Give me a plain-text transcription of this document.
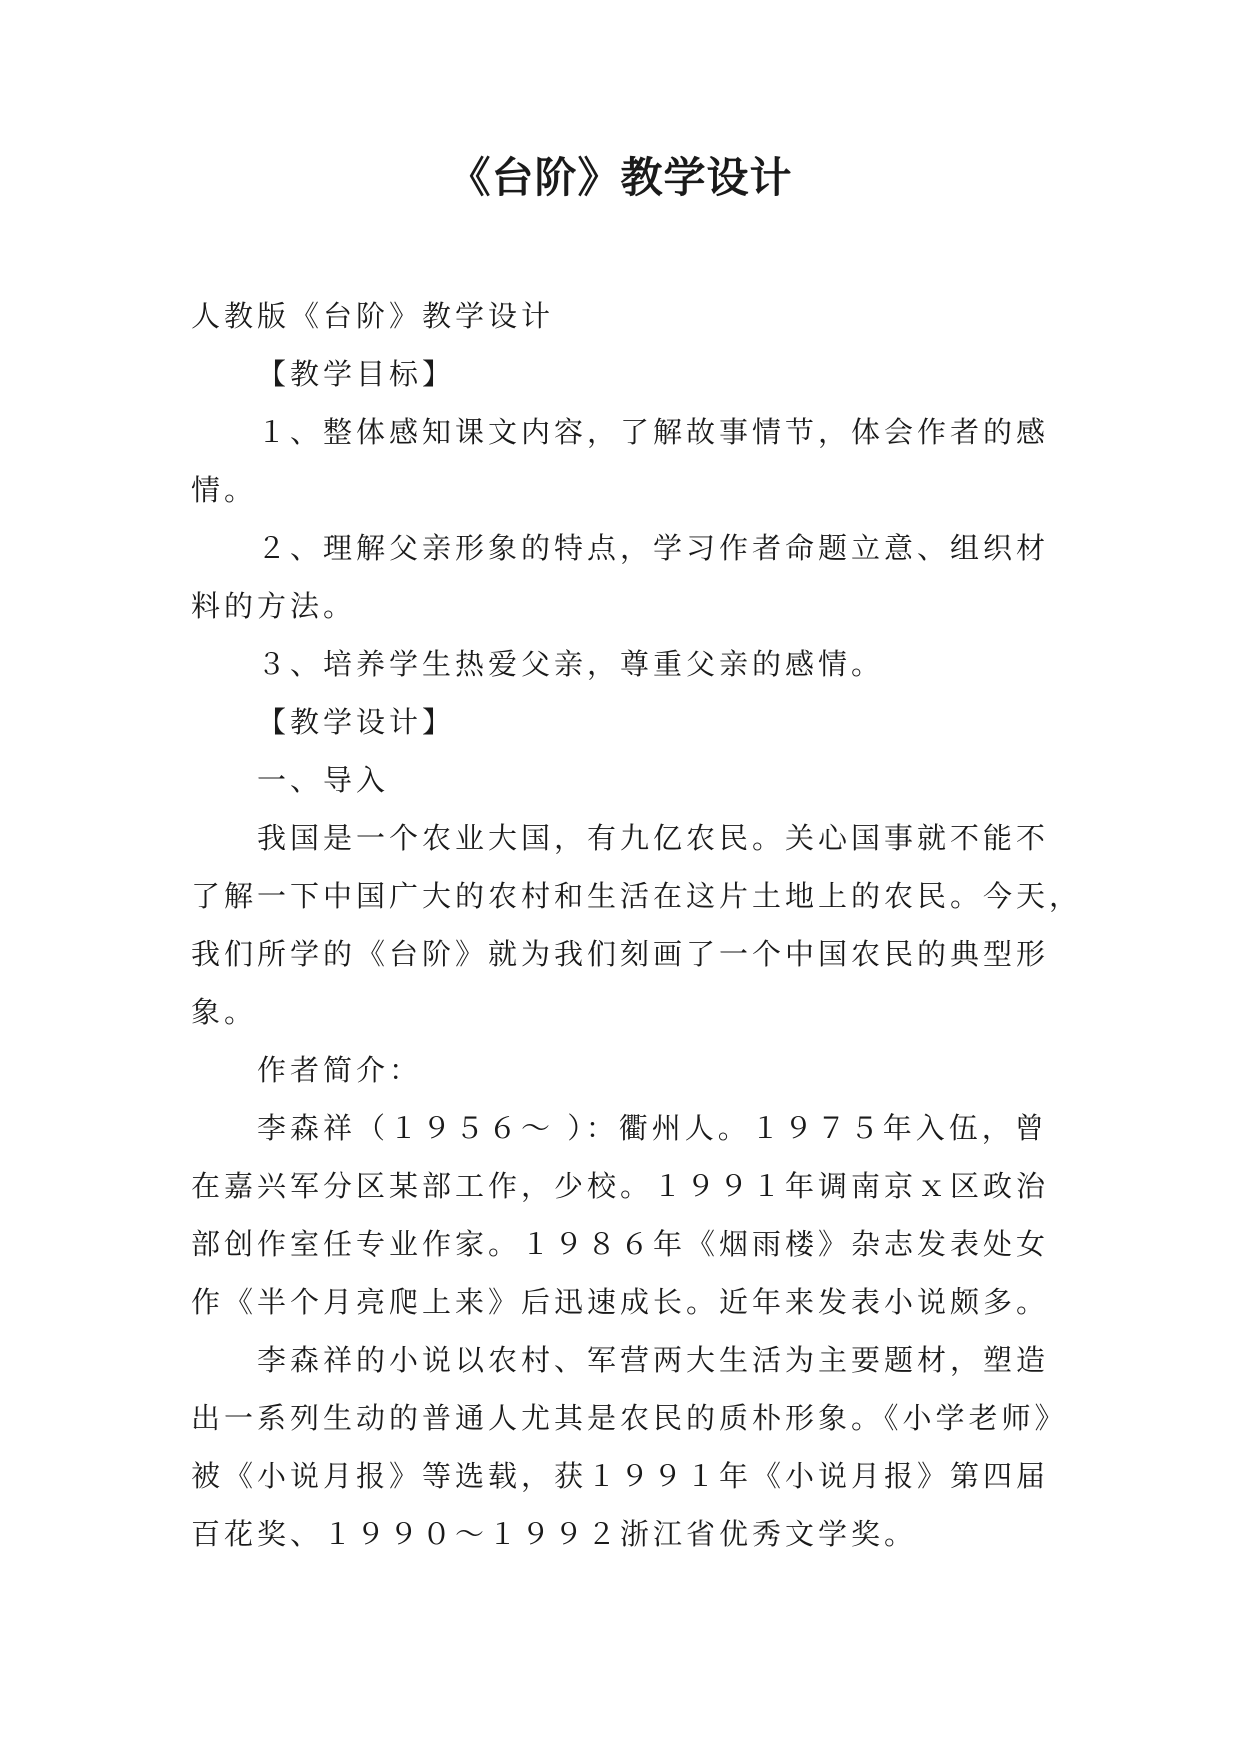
《台阶》教学设计

人教版《台阶》教学设计

【教学目标】

１、整体感知课文内容，了解故事情节，体会作者的感

情。

２、理解父亲形象的特点，学习作者命题立意、组织材

料的方法。

３、培养学生热爱父亲，尊重父亲的感情。

【教学设计】

一、导入

我国是一个农业大国，有九亿农民。关心国事就不能不

了解一下中国广大的农村和生活在这片土地上的农民。今天，

我们所学的《台阶》就为我们刻画了一个中国农民的典型形

象。

作者简介：

李森祥（１９５６～ ）：衢州人。１９７５年入伍，曾

在嘉兴军分区某部工作，少校。１９９１年调南京ｘ区政治

部创作室任专业作家。１９８６年《烟雨楼》杂志发表处女

作《半个月亮爬上来》后迅速成长。近年来发表小说颇多。

李森祥的小说以农村、军营两大生活为主要题材，塑造

出一系列生动的普通人尤其是农民的质朴形象。《小学老师》

被《小说月报》等选载，获１９９１年《小说月报》第四届

百花奖、１９９０～１９９２浙江省优秀文学奖。
